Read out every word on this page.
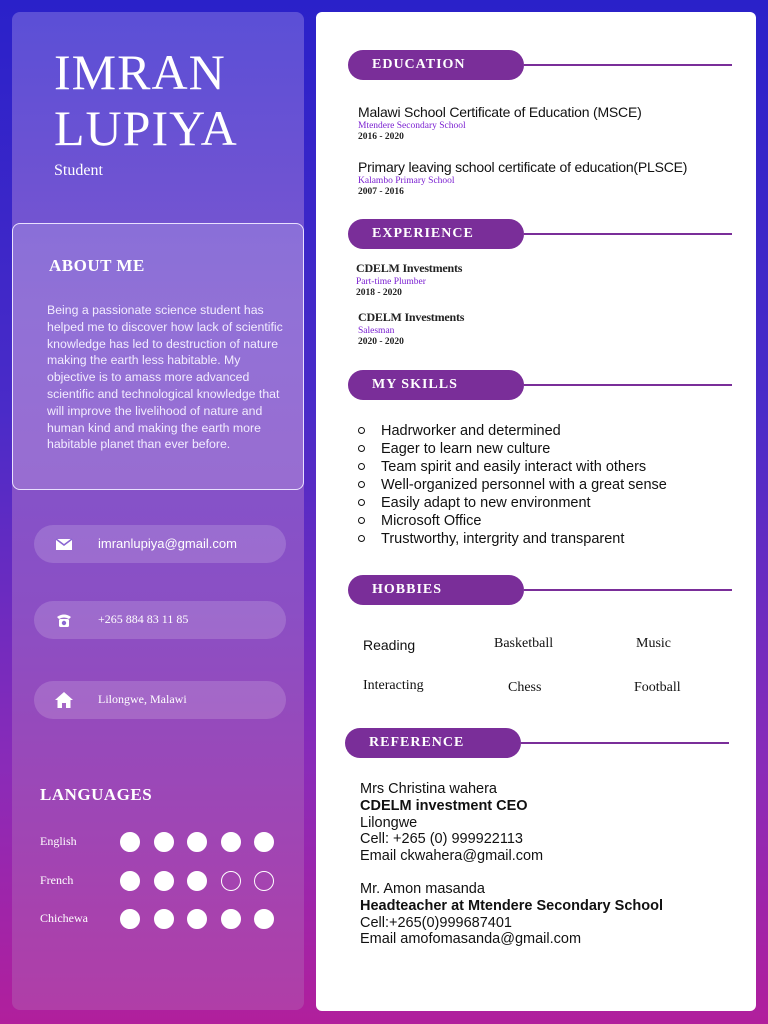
IMRAN
LUPIYA
Student
ABOUT ME

Being a passionate science student has helped me to discover how lack of scientific knowledge has led to destruction of nature making the earth less habitable. My objective is to amass more advanced scientific and technological knowledge that will improve the livelihood of nature and human kind and making the earth more habitable planet than ever before.

imranlupiya@gmail.com
+265 884 83 11 85
Lilongwe, Malawi
LANGUAGES
English
French
Chichewa
EDUCATION
Malawi School Certificate of Education (MSCE)
Mtendere Secondary School
2016 - 2020
Primary leaving school certificate of education(PLSCE)
Kalambo Primary School
2007 - 2016
EXPERIENCE
CDELM Investments
Part-time Plumber
2018 - 2020
CDELM Investments
Salesman
2020 - 2020
MY SKILLS
Hadrworker and determined
Eager to learn new culture
Team spirit and easily interact with others
Well-organized personnel with a great sense
Easily adapt to new environment
Microsoft Office
Trustworthy, intergrity and transparent
HOBBIES
Reading	Basketball	Music
Interacting	Chess	Football
REFERENCE
Mrs Christina wahera
CDELM investment CEO
Lilongwe
Cell: +265 (0) 999922113
Email ckwahera@gmail.com
Mr. Amon masanda
Headteacher at Mtendere Secondary School
Cell:+265(0)999687401
Email amofomasanda@gmail.com
